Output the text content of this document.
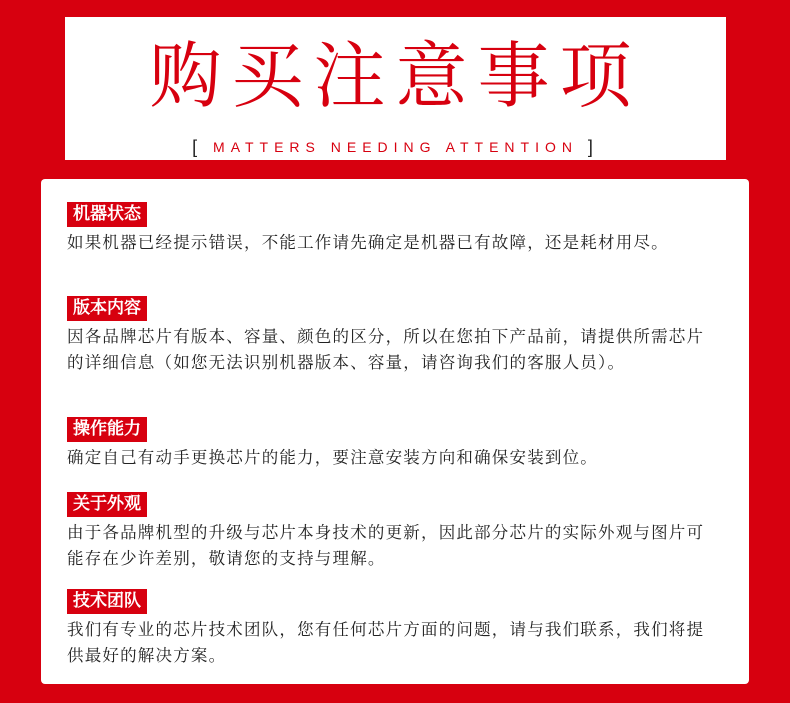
购买注意事项
[ MATTERS NEEDING ATTENTION ]
机器状态
如果机器已经提示错误，不能工作请先确定是机器已有故障，还是耗材用尽。
版本内容
因各品牌芯片有版本、容量、颜色的区分，所以在您拍下产品前，请提供所需芯片的详细信息（如您无法识别机器版本、容量，请咨询我们的客服人员）。
操作能力
确定自己有动手更换芯片的能力，要注意安装方向和确保安装到位。
关于外观
由于各品牌机型的升级与芯片本身技术的更新，因此部分芯片的实际外观与图片可能存在少许差别，敬请您的支持与理解。
技术团队
我们有专业的芯片技术团队，您有任何芯片方面的问题，请与我们联系，我们将提供最好的解决方案。
